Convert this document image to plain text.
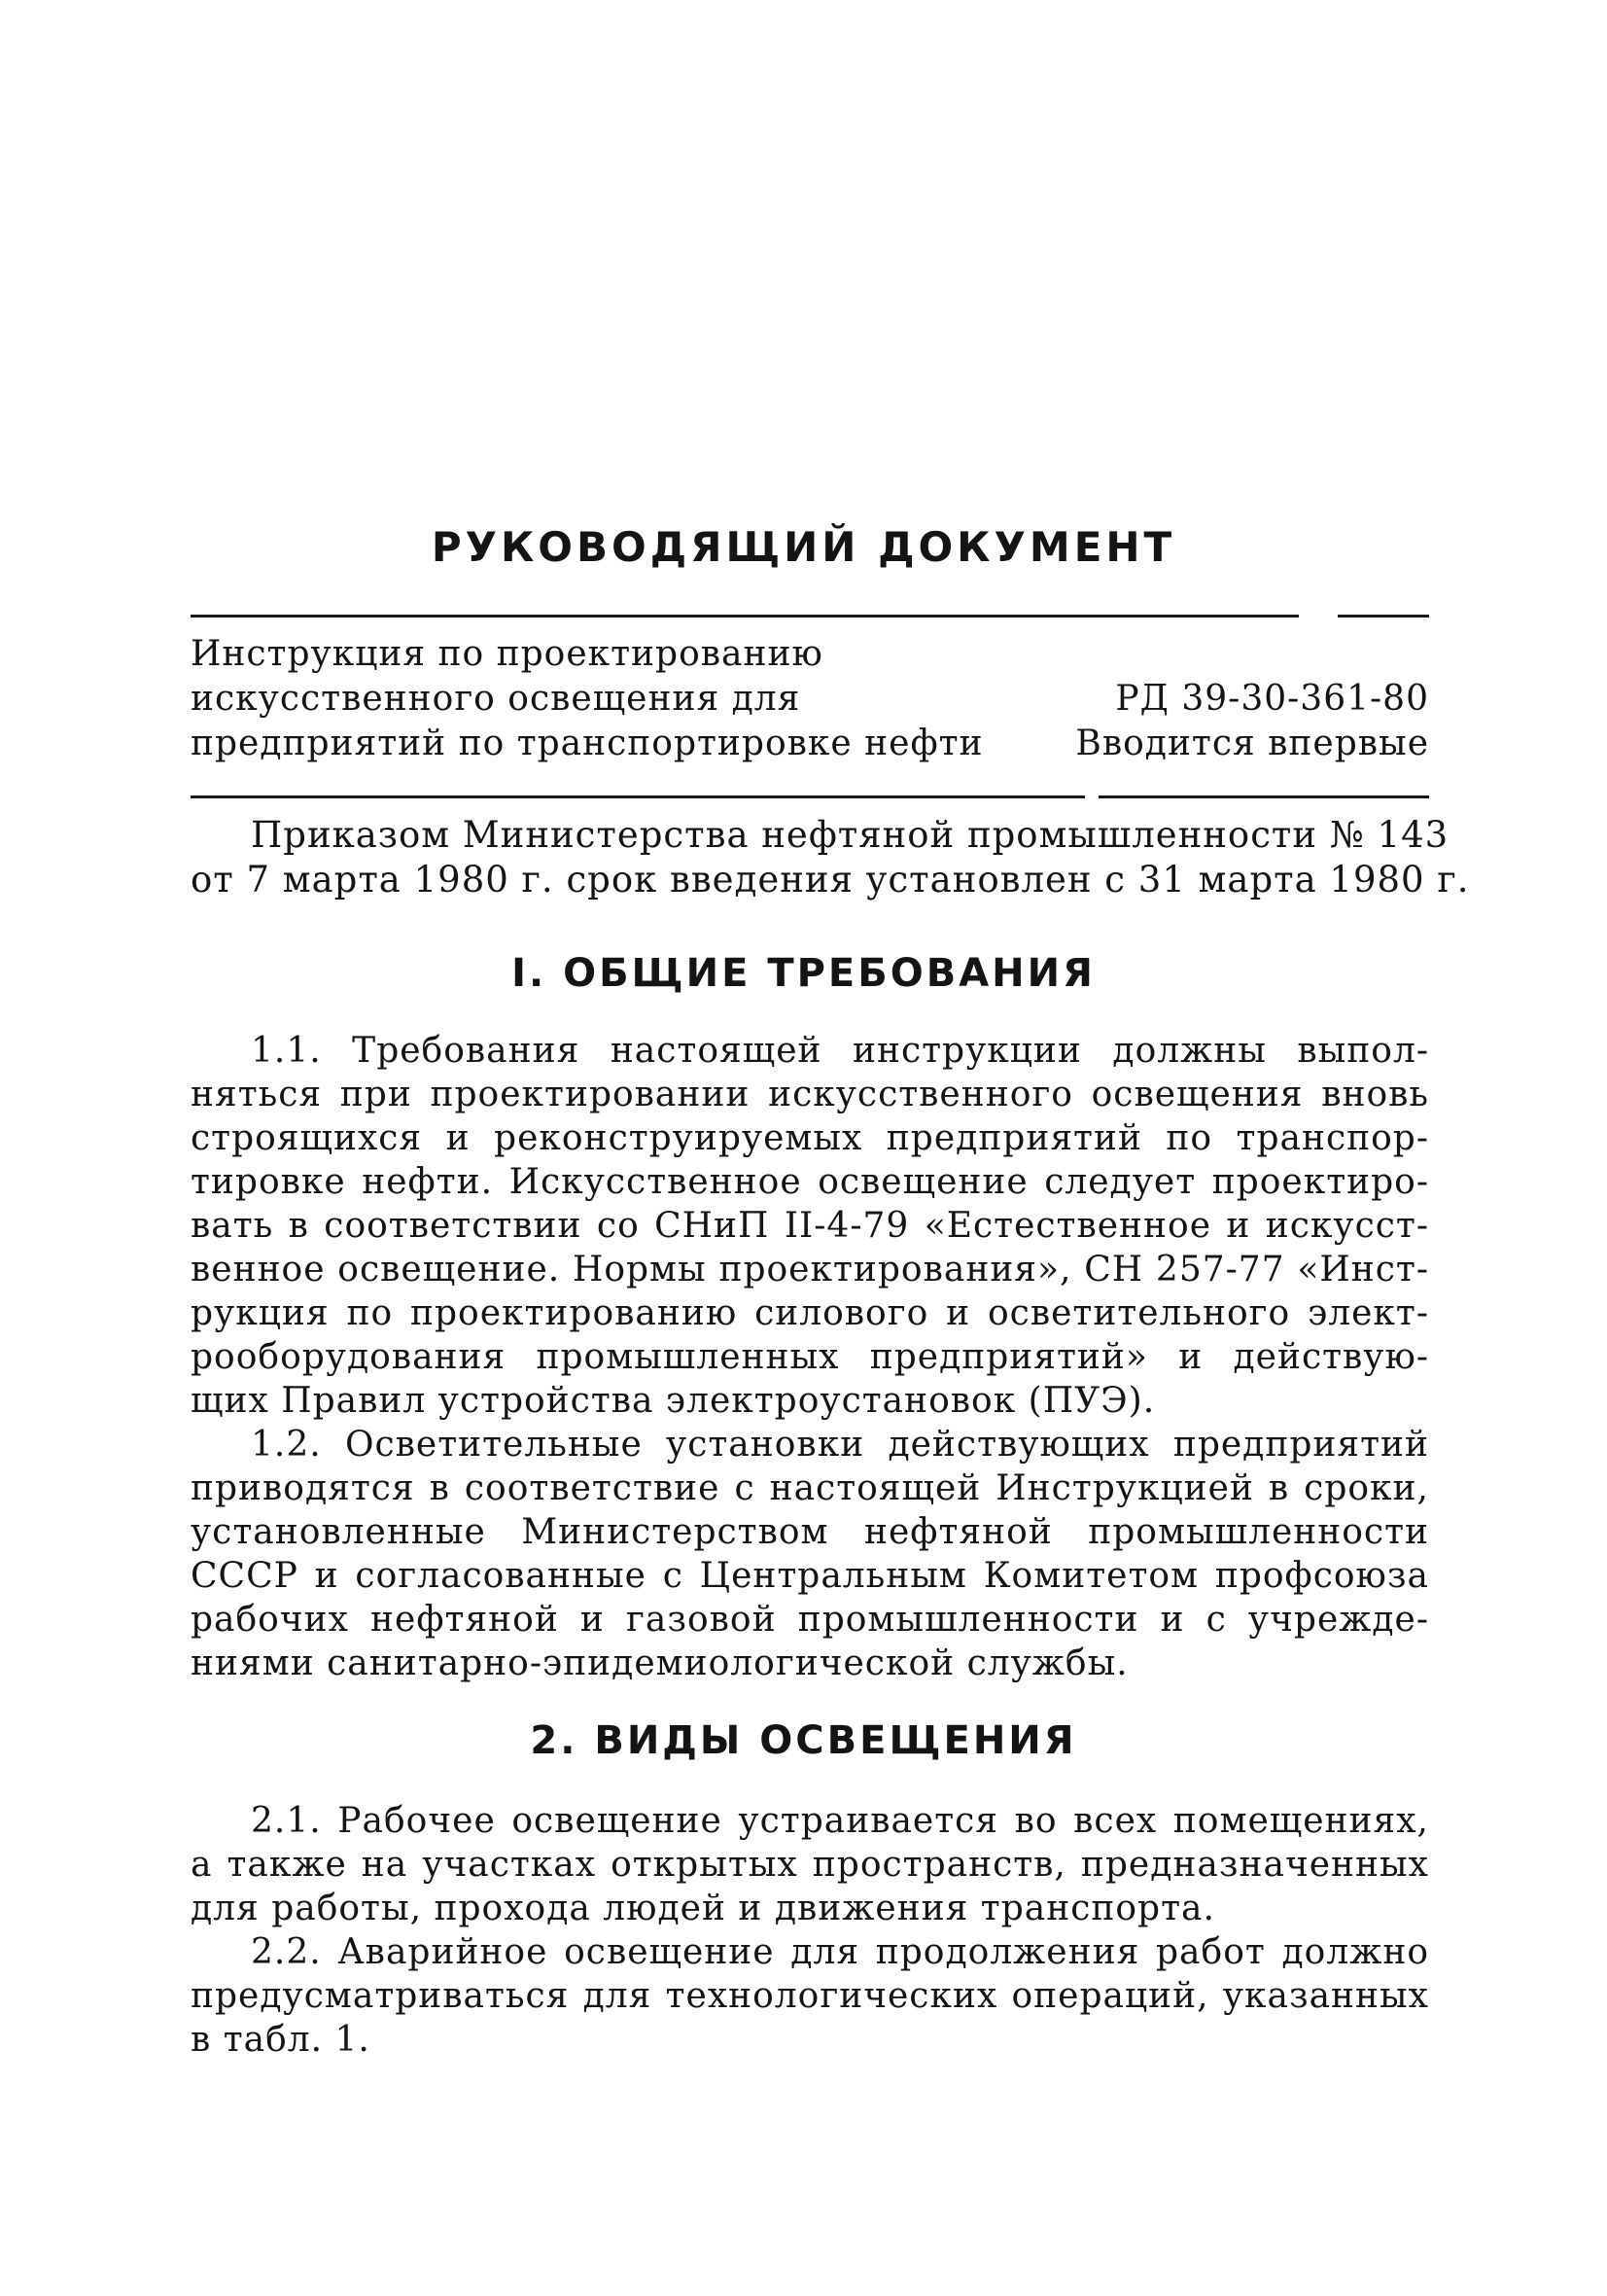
РУКОВОДЯЩИЙ ДОКУМЕНТ
Инструкция по проектированию
искусственного освещения для
предприятий по транспортировке нефти
РД 39-30-361-80
Вводится впервые
Приказом Министерства нефтяной промышленности № 143
от 7 марта 1980 г. срок введения установлен с 31 марта 1980 г.
I. ОБЩИЕ ТРЕБОВАНИЯ
1.1. Требования настоящей инструкции должны выпол-
няться при проектировании искусственного освещения вновь
строящихся и реконструируемых предприятий по транспор-
тировке нефти. Искусственное освещение следует проектиро-
вать в соответствии со СНиП II-4-79 «Естественное и искусст-
венное освещение. Нормы проектирования», СН 257-77 «Инст-
рукция по проектированию силового и осветительного элект-
рооборудования промышленных предприятий» и действую-
щих Правил устройства электроустановок (ПУЭ).
1.2. Осветительные установки действующих предприятий
приводятся в соответствие с настоящей Инструкцией в сроки,
установленные Министерством нефтяной промышленности
СССР и согласованные с Центральным Комитетом профсоюза
рабочих нефтяной и газовой промышленности и с учрежде-
ниями санитарно-эпидемиологической службы.
2. ВИДЫ ОСВЕЩЕНИЯ
2.1. Рабочее освещение устраивается во всех помещениях,
а также на участках открытых пространств, предназначенных
для работы, прохода людей и движения транспорта.
2.2. Аварийное освещение для продолжения работ должно
предусматриваться для технологических операций, указанных
в табл. 1.
